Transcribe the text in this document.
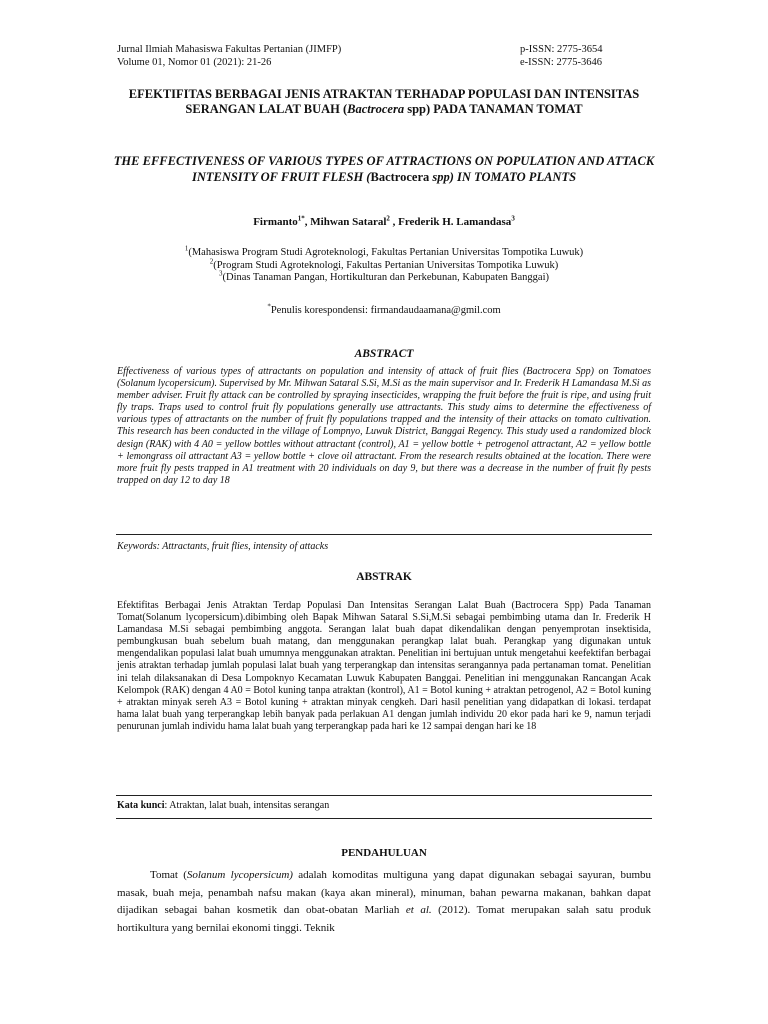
Jurnal Ilmiah Mahasiswa Fakultas Pertanian (JIMFP)
Volume 01, Nomor 01 (2021): 21-26
p-ISSN: 2775-3654
e-ISSN: 2775-3646
EFEKTIFITAS BERBAGAI JENIS ATRAKTAN TERHADAP POPULASI DAN INTENSITAS SERANGAN LALAT BUAH (Bactrocera spp) PADA TANAMAN TOMAT
THE EFFECTIVENESS OF VARIOUS TYPES OF ATTRACTIONS ON POPULATION AND ATTACK INTENSITY OF FRUIT FLESH (Bactrocera spp) IN TOMATO PLANTS
Firmanto$^{1*}$, Mihwan Sataral$^2$ , Frederik H. Lamandasa$^3$
$^1$(Mahasiswa Program Studi Agroteknologi, Fakultas Pertanian Universitas Tompotika Luwuk)
$^2$(Program Studi Agroteknologi, Fakultas Pertanian Universitas Tompotika Luwuk)
$^3$(Dinas Tanaman Pangan, Hortikulturan dan Perkebunan, Kabupaten Banggai)
*Penulis korespondensi: firmandaudaamana@gmil.com
ABSTRACT
Effectiveness of various types of attractants on population and intensity of attack of fruit flies (Bactrocera Spp) on Tomatoes (Solanum lycopersicum). Supervised by Mr. Mihwan Sataral S.Si, M.Si as the main supervisor and Ir. Frederik H Lamandasa M.Si as member adviser. Fruit fly attack can be controlled by spraying insecticides, wrapping the fruit before the fruit is ripe, and using fruit fly traps. Traps used to control fruit fly populations generally use attractants. This study aims to determine the effectiveness of various types of attractants on the number of fruit fly populations trapped and the intensity of their attacks on tomato cultivation. This research has been conducted in the village of Lompnyo, Luwuk District, Banggai Regency. This study used a randomized block design (RAK) with 4 A0 = yellow bottles without attractant (control), A1 = yellow bottle + petrogenol attractant, A2 = yellow bottle + lemongrass oil attractant A3 = yellow bottle + clove oil attractant. From the research results obtained at the location. There were more fruit fly pests trapped in A1 treatment with 20 individuals on day 9, but there was a decrease in the number of fruit fly pests trapped on day 12 to day 18
Keywords: Attractants, fruit flies, intensity of attacks
ABSTRAK
Efektifitas Berbagai Jenis Atraktan Terdap Populasi Dan Intensitas Serangan Lalat Buah (Bactrocera Spp) Pada Tanaman Tomat(Solanum lycopersicum).dibimbing oleh Bapak Mihwan Sataral S.Si,M.Si sebagai pembimbing utama dan Ir. Frederik H Lamandasa M.Si sebagai pembimbing anggota. Serangan lalat buah dapat dikendalikan dengan penyemprotan insektisida, pembungkusan buah sebelum buah matang, dan menggunakan perangkap lalat buah. Perangkap yang digunakan untuk mengendalikan populasi lalat buah umumnya menggunakan atraktan. Penelitian ini bertujuan untuk mengetahui keefektifan berbagai jenis atraktan terhadap jumlah populasi lalat buah yang terperangkap dan intensitas serangannya pada pertanaman tomat. Penelitian ini telah dilaksanakan di Desa Lompoknyo Kecamatan Luwuk Kabupaten Banggai. Penelitian ini menggunakan Rancangan Acak Kelompok (RAK) dengan 4 A0 = Botol kuning tanpa atraktan (kontrol), A1 = Botol kuning + atraktan petrogenol, A2 = Botol kuning + atraktan minyak sereh A3 = Botol kuning + atraktan minyak cengkeh. Dari hasil penelitian yang didapatkan di lokasi. terdapat hama lalat buah yang terperangkap lebih banyak pada perlakuan A1 dengan jumlah individu 20 ekor pada hari ke 9, namun terjadi penurunan jumlah individu hama lalat buah yang terperangkap pada hari ke 12 sampai dengan hari ke 18
Kata kunci: Atraktan, lalat buah, intensitas serangan
PENDAHULUAN
Tomat (Solanum lycopersicum) adalah komoditas multiguna yang dapat digunakan sebagai sayuran, bumbu masak, buah meja, penambah nafsu makan (kaya akan mineral), minuman, bahan pewarna makanan, bahkan dapat dijadikan sebagai bahan kosmetik dan obat-obatan Marliah et al. (2012). Tomat merupakan salah satu produk hortikultura yang bernilai ekonomi tinggi. Teknik
